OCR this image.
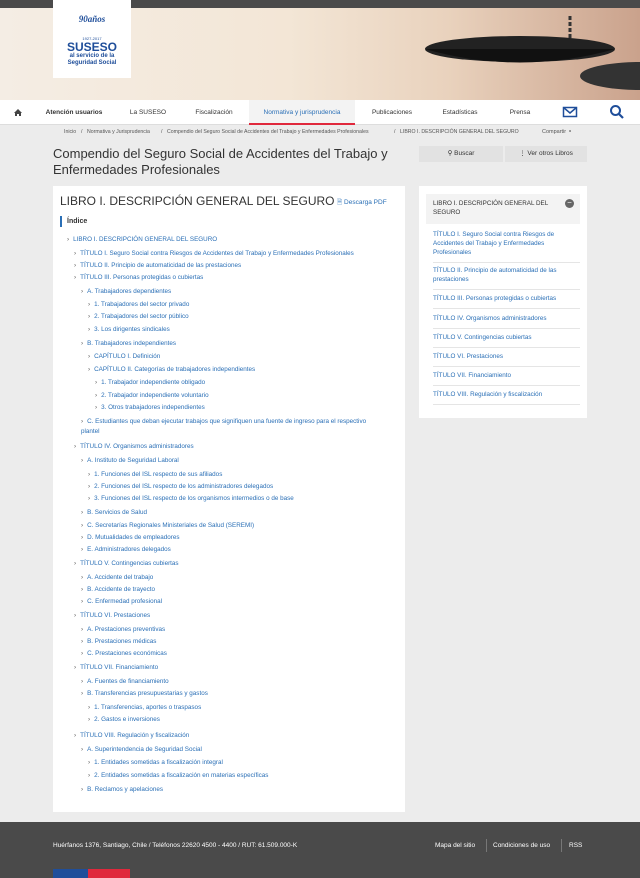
$^{90años}$
1927-2017
SUSESO
al servicio de la
Seguridad Social
Atención usuarios	La SUSESO	Fiscalización	Normativa y jurisprudencia	Publicaciones	Estadísticas	Prensa
Inicio / Normativa y Jurisprudencia / Compendio del Seguro Social de Accidentes del Trabajo y Enfermedades Profesionales	/ LIBRO I. DESCRIPCIÓN GENERAL DEL SEGURO	Compartir ⚬
Compendio del Seguro Social de Accidentes del Trabajo y
Enfermedades Profesionales
⚲ Buscar	⋮ Ver otros Libros
LIBRO I. DESCRIPCIÓN GENERAL DEL SEGURO 🗎 Descarga PDF
Índice
› LIBRO I. DESCRIPCIÓN GENERAL DEL SEGURO
› TÍTULO I. Seguro Social contra Riesgos de Accidentes del Trabajo y Enfermedades Profesionales
› TÍTULO II. Principio de automaticidad de las prestaciones
› TÍTULO III. Personas protegidas o cubiertas
› A. Trabajadores dependientes
› 1. Trabajadores del sector privado
› 2. Trabajadores del sector público
› 3. Los dirigentes sindicales
› B. Trabajadores independientes
› CAPÍTULO I. Definición
› CAPÍTULO II. Categorías de trabajadores independientes
› 1. Trabajador independiente obligado
› 2. Trabajador independiente voluntario
› 3. Otros trabajadores independientes
› C. Estudiantes que deban ejecutar trabajos que signifiquen una fuente de ingreso para el respectivo
plantel
› TÍTULO IV. Organismos administradores
› A. Instituto de Seguridad Laboral
› 1. Funciones del ISL respecto de sus afiliados
› 2. Funciones del ISL respecto de los administradores delegados
› 3. Funciones del ISL respecto de los organismos intermedios o de base
› B. Servicios de Salud
› C. Secretarías Regionales Ministeriales de Salud (SEREMI)
› D. Mutualidades de empleadores
› E. Administradores delegados
› TÍTULO V. Contingencias cubiertas
› A. Accidente del trabajo
› B. Accidente de trayecto
› C. Enfermedad profesional
› TÍTULO VI. Prestaciones
› A. Prestaciones preventivas
› B. Prestaciones médicas
› C. Prestaciones económicas
› TÍTULO VII. Financiamiento
› A. Fuentes de financiamiento
› B. Transferencias presupuestarias y gastos
› 1. Transferencias, aportes o traspasos
› 2. Gastos e inversiones
› TÍTULO VIII. Regulación y fiscalización
› A. Superintendencia de Seguridad Social
› 1. Entidades sometidas a fiscalización integral
› 2. Entidades sometidas a fiscalización en materias específicas
› B. Reclamos y apelaciones
LIBRO I. DESCRIPCIÓN GENERAL DEL
SEGURO
−
TÍTULO I. Seguro Social contra Riesgos de
Accidentes del Trabajo y Enfermedades
Profesionales
TÍTULO II. Principio de automaticidad de las
prestaciones
TÍTULO III. Personas protegidas o cubiertas
TÍTULO IV. Organismos administradores
TÍTULO V. Contingencias cubiertas
TÍTULO VI. Prestaciones
TÍTULO VII. Financiamiento
TÍTULO VIII. Regulación y fiscalización
Huérfanos 1376, Santiago, Chile / Teléfonos 22620 4500 - 4400 / RUT: 61.509.000-K	Mapa del sitio	Condiciones de uso	RSS
